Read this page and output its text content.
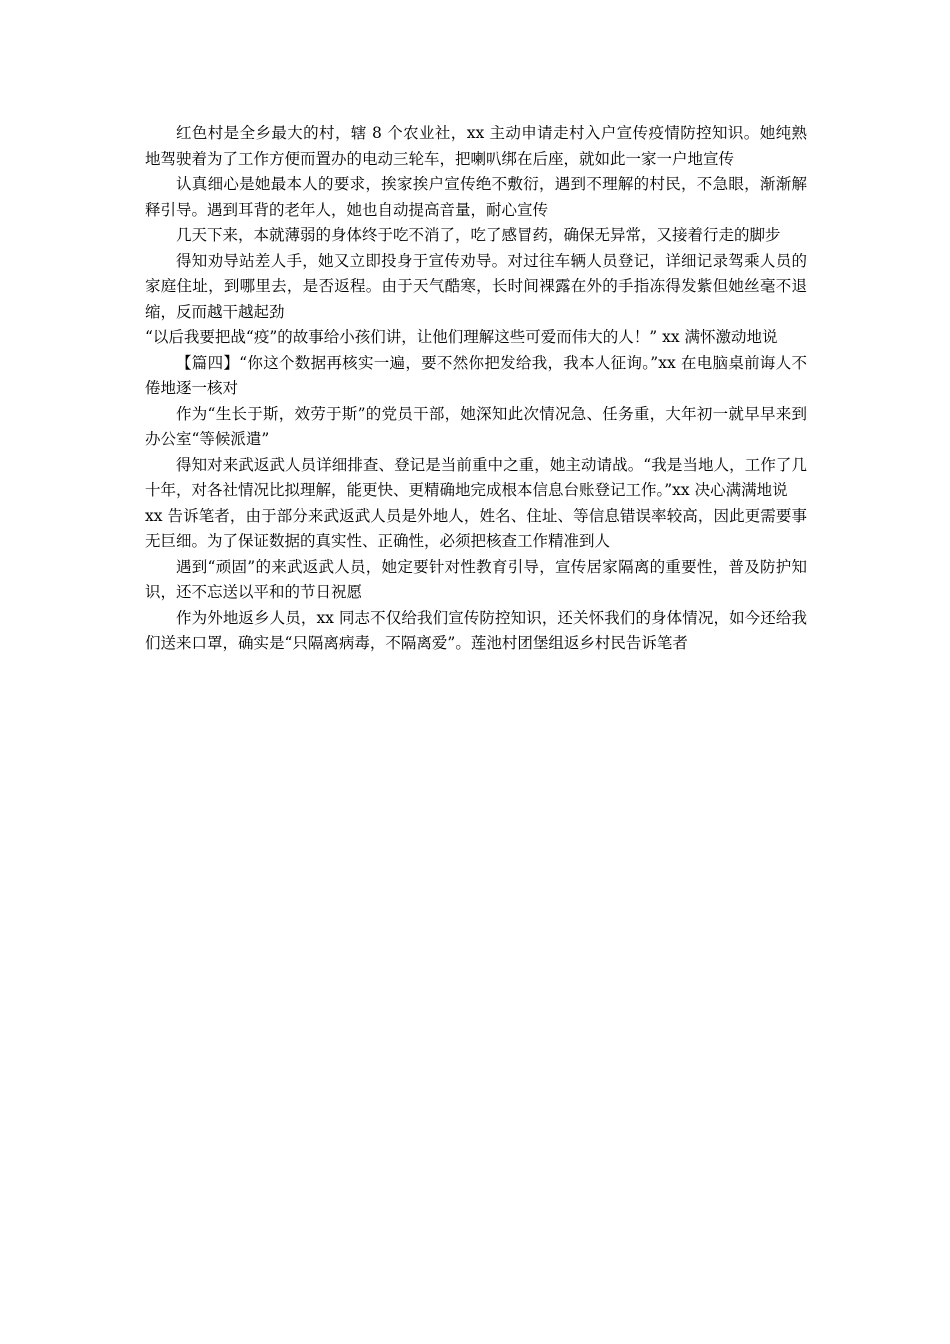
红色村是全乡最大的村，辖 8 个农业社，xx 主动申请走村入户宣传疫情防控知识。她纯熟地驾驶着为了工作方便而置办的电动三轮车，把喇叭绑在后座，就如此一家一户地宣传

认真细心是她最本人的要求，挨家挨户宣传绝不敷衍，遇到不理解的村民，不急眼，渐渐解释引导。遇到耳背的老年人，她也自动提高音量，耐心宣传

几天下来，本就薄弱的身体终于吃不消了，吃了感冒药，确保无异常，又接着行走的脚步

得知劝导站差人手，她又立即投身于宣传劝导。对过往车辆人员登记，详细记录驾乘人员的家庭住址，到哪里去，是否返程。由于天气酷寒，长时间裸露在外的手指冻得发紫但她丝毫不退缩，反而越干越起劲

“以后我要把战“疫”的故事给小孩们讲，让他们理解这些可爱而伟大的人！” xx 满怀激动地说

【篇四】“你这个数据再核实一遍，要不然你把发给我，我本人征询。”xx 在电脑桌前诲人不倦地逐一核对

作为“生长于斯，效劳于斯”的党员干部，她深知此次情况急、任务重，大年初一就早早来到办公室“等候派遣”

得知对来武返武人员详细排查、登记是当前重中之重，她主动请战。“我是当地人，工作了几十年，对各社情况比拟理解，能更快、更精确地完成根本信息台账登记工作。”xx 决心满满地说

xx 告诉笔者，由于部分来武返武人员是外地人，姓名、住址、等信息错误率较高，因此更需要事无巨细。为了保证数据的真实性、正确性，必须把核查工作精准到人

遇到“顽固”的来武返武人员，她定要针对性教育引导，宣传居家隔离的重要性，普及防护知识，还不忘送以平和的节日祝愿

作为外地返乡人员，xx 同志不仅给我们宣传防控知识，还关怀我们的身体情况，如今还给我们送来口罩，确实是“只隔离病毒，不隔离爱”。莲池村团堡组返乡村民告诉笔者
